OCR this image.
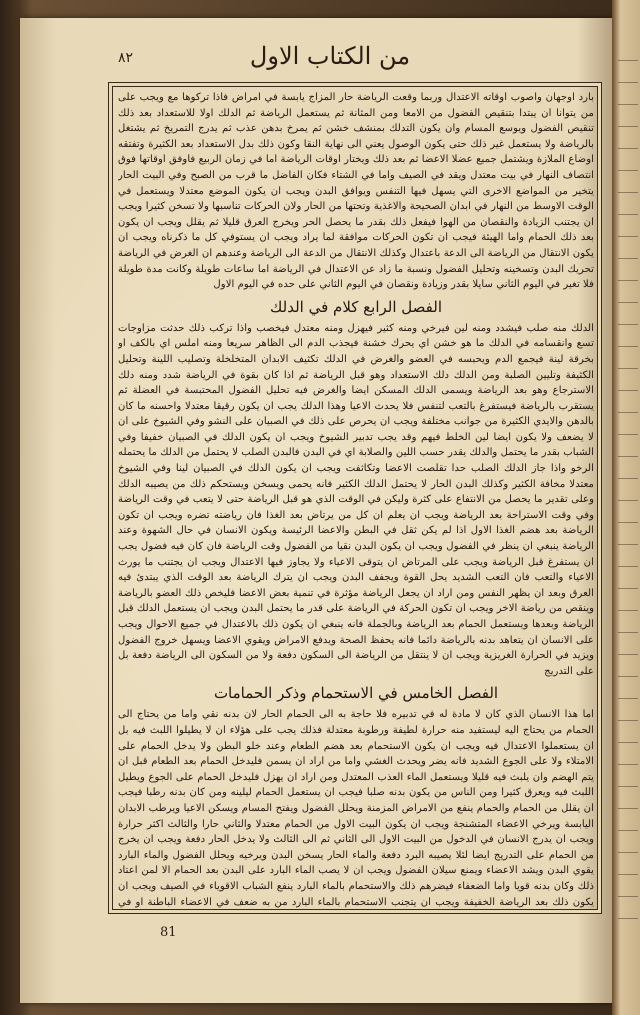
من الكتاب الاول
٨٢

بارد اوجهان واصوب اوقاته الاعتدال وربما وقعت الرياضة حار المزاج يابسة في امراض فاذا تركوها مع ويجب على من يتوانا ان يبتدا بتنقيص الفضول من الامعا ومن المثانة ثم يستعمل الرياضة ثم الدلك اولا للاستعداد بعد ذلك تنقيص الفضول ويوسع المسام وان يكون التدلك بمنشف خشن ثم يمرخ بدهن عذب ثم يدرج التمريخ ثم يشتغل بالرياضة ولا يستعمل غير ذلك حتى يكون الوصول يعني الى نهاية النقا وكون ذلك بدل الاستعداد بعد الكثيرة وتفتقه اوضاع الملازة ويشتمل جميع عضلا الاعضا ثم بعد ذلك ويختار اوقات الرياضة اما في زمان الربيع فاوفق اوقاتها فوق انتصاف النهار في بيت معتدل ويقد في الصيف واما في الشتاء فكان الفاضل ما قرب من الصبح وفي البيت الحار يتخير من المواضع الاخرى التي يسهل فيها التنفس ويوافق البدن ويجب ان يكون الموضع معتدلا ويستعمل في الوقت الاوسط من النهار في ابدان الصحيحة والاغذية وتحتها من الحار ولان الحركات تناسبها ولا تسخن كثيرا ويجب ان يجتنب الزيادة والنقصان من الهوا فيفعل ذلك بقدر ما يحصل الحر ويخرج العرق قليلا ثم يقلل ويجب ان يكون بعد ذلك الحمام واما الهيئة فيجب ان تكون الحركات موافقة لما يراد ويجب ان يستوفي كل ما ذكرناه ويجب ان يكون الانتقال من الرياضة الى الدعة باعتدال وكذلك الانتقال من الدعة الى الرياضة وعندهم ان الغرض في الرياضة تحريك البدن وتسخينه وتحليل الفضول ونسبة ما زاد عن الاعتدال في الرياضة اما ساعات طويلة وكانت مدة طويلة فلا تغير في اليوم الثاني سايلا بقدر وزيادة ونقصان في اليوم الثاني على حده في اليوم الاول

الفصل الرابع كلام في الدلك

الدلك منه صلب فيشدد ومنه لين فيرخي ومنه كثير فيهزل ومنه معتدل فيخصب واذا تركب ذلك حدثت مزاوجات تسع وانقسامه في الدلك ما هو خشن اي يحرك خشنة فيجذب الدم الى الظاهر سريعا ومنه املس اي بالكف او بخرقة لينة فيجمع الدم ويحبسه في العضو والغرض في الدلك تكثيف الابدان المتخلخلة وتصليب اللينة وتحليل الكثيفة وتليين الصلبة ومن الدلك دلك الاستعداد وهو قبل الرياضة ثم اذا كان بقوة في الرياضة شدد ومنه دلك الاسترجاع وهو بعد الرياضة ويسمى الدلك المسكن ايضا والغرض فيه تحليل الفضول المحتبسة في العضلة ثم يستقرب بالرياضة فيستفرغ بالتعب لتنفس فلا يحدث الاعيا وهذا الدلك يجب ان يكون رقيقا معتدلا واحسنه ما كان بالدهن والايدي الكثيرة من جوانب مختلفة ويجب ان يحرص على ذلك في الصبيان على النشو وفي الشيوخ على ان لا يضعف ولا يكون ايضا لين الخلط فيهم وقد يجب تدبير الشيوخ ويجب ان يكون الدلك في الصبيان خفيفا وفي الشباب بقدر ما يحتمل والدلك يقدر حسب اللين والصلابة اي في البدن فالبدن الصلب لا يحتمل من الدلك ما يحتمله الرخو واذا جاز الدلك الصلب حدا تقلصت الاعضا وتكاثفت ويجب ان يكون الدلك في الصبيان لينا وفي الشيوخ معتدلا مخافة الكثير وكذلك البدن الحار لا يحتمل الدلك الكثير فانه يحمى ويسخن ويستحكم ذلك من يصيبه الدلك وعلى تقدير ما يحصل من الانتفاع على كثرة وليكن في الوقت الذي هو قبل الرياضة حتى لا يتعب في وقت الرياضة وفي وقت الاستراحة بعد الرياضة ويجب ان يعلم ان كل من يرتاض بعد الغذا فان رياضته تضره ويجب ان تكون الرياضة بعد هضم الغذا الاول اذا لم يكن ثقل في البطن والاعضا الرئيسة ويكون الانسان في حال الشهوة وعند الرياضة ينبغي ان ينظر في الفضول ويجب ان يكون البدن نقيا من الفضول وقت الرياضة فان كان فيه فضول يجب ان يستفرغ قبل الرياضة ويجب على المرتاض ان يتوقى الاعياء ولا يجاوز فيها الاعتدال ويجب ان يجتنب ما يورث الاعياء والتعب فان التعب الشديد يحل القوة ويجفف البدن ويجب ان يترك الرياضة بعد الوقت الذي يبتدئ فيه العرق وبعد ان يظهر النفس ومن اراد ان يجعل الرياضة مؤثرة في تنمية بعض الاعضا فليخص ذلك العضو بالرياضة وينقص من رياضة الاخر ويجب ان تكون الحركة في الرياضة على قدر ما يحتمل البدن ويجب ان يستعمل الدلك قبل الرياضة وبعدها ويستعمل الحمام بعد الرياضة وبالجملة فانه ينبغي ان يكون ذلك بالاعتدال في جميع الاحوال ويجب على الانسان ان يتعاهد بدنه بالرياضة دائما فانه يحفظ الصحة ويدفع الامراض ويقوي الاعضا ويسهل خروج الفضول ويزيد في الحرارة الغريزية ويجب ان لا ينتقل من الرياضة الى السكون دفعة ولا من السكون الى الرياضة دفعة بل على التدريج

الفصل الخامس في الاستحمام وذكر الحمامات

اما هذا الانسان الذي كان لا مادة له في تدبيره فلا حاجة به الى الحمام الحار لان بدنه نقي واما من يحتاج الى الحمام من يحتاج اليه ليستفيد منه حرارة لطيفة ورطوبة معتدلة فذلك يجب على هؤلاء ان لا يطيلوا اللبث فيه بل ان يستعملوا الاعتدال فيه ويجب ان يكون الاستحمام بعد هضم الطعام وعند خلو البطن ولا يدخل الحمام على الامتلاء ولا على الجوع الشديد فانه يضر ويحدث الغشي واما من اراد ان يسمن فليدخل الحمام بعد الطعام قبل ان يتم الهضم وان يلبث فيه قليلا ويستعمل الماء العذب المعتدل ومن اراد ان يهزل فليدخل الحمام على الجوع ويطيل اللبث فيه ويعرق كثيرا ومن الناس من يكون بدنه صلبا فيجب ان يستعمل الحمام ليلينه ومن كان بدنه رطبا فيجب ان يقلل من الحمام والحمام ينفع من الامراض المزمنة ويحلل الفضول ويفتح المسام ويسكن الاعيا ويرطب الابدان اليابسة ويرخي الاعضاء المتشنجة ويجب ان يكون البيت الاول من الحمام معتدلا والثاني حارا والثالث اكثر حرارة ويجب ان يدرج الانسان في الدخول من البيت الاول الى الثاني ثم الى الثالث ولا يدخل الحار دفعة ويجب ان يخرج من الحمام على التدريج ايضا لئلا يصيبه البرد دفعة والماء الحار يسخن البدن ويرخيه ويحلل الفضول والماء البارد يقوي البدن ويشد الاعضاء ويمنع سيلان الفضول ويجب ان لا يصب الماء البارد على البدن بعد الحمام الا لمن اعتاد ذلك وكان بدنه قويا واما الضعفاء فيضرهم ذلك والاستحمام بالماء البارد ينفع الشباب الاقوياء في الصيف ويجب ان يكون ذلك بعد الرياضة الخفيفة ويجب ان يتجنب الاستحمام بالماء البارد من به ضعف في الاعضاء الباطنة او في

81
